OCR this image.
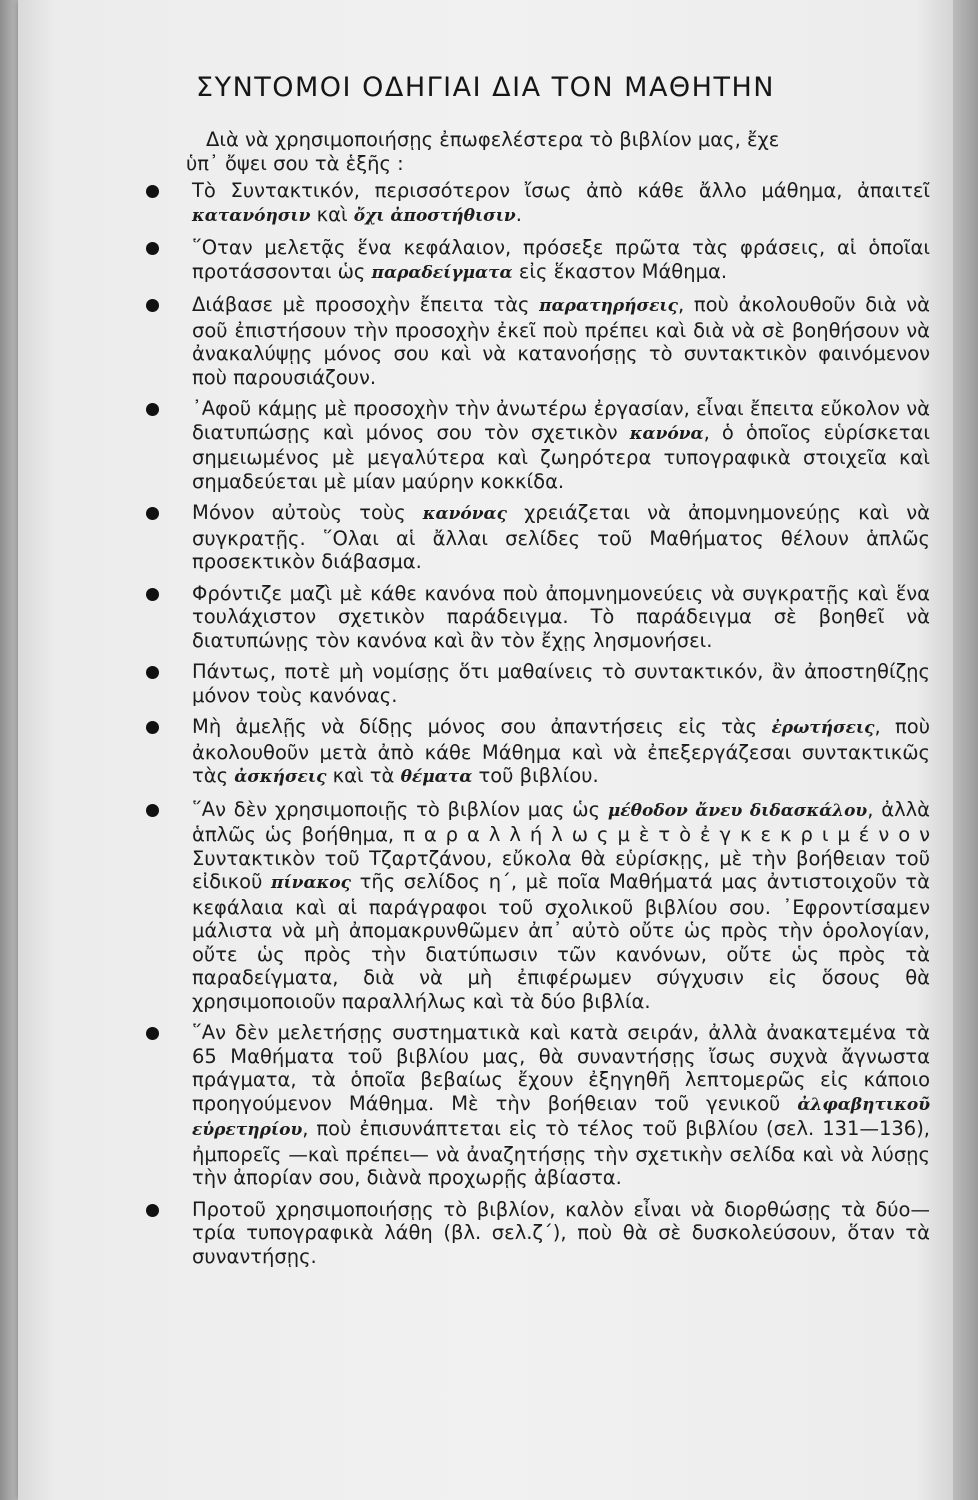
ΣΥΝΤΟΜΟΙ ΟΔΗΓΙΑΙ ΔΙΑ ΤΟΝ ΜΑΘΗΤΗΝ

Διὰ νὰ χρησιμοποιήσῃς ἐπωφελέστερα τὸ βιβλίον μας, ἔχε
ὑπ᾽ ὄψει σου τὰ ἑξῆς :

Τὸ Συντακτικόν, περισσότερον ἴσως ἀπὸ κάθε ἄλλο μάθημα, ἀπαιτεῖ κατανόησιν καὶ ὄχι ἀποστήθισιν.
῞Οταν μελετᾷς ἕνα κεφάλαιον, πρόσεξε πρῶτα τὰς φράσεις, αἱ ὁποῖαι προτάσσονται ὡς παραδείγματα εἰς ἕκαστον Μάθημα.
Διάβασε μὲ προσοχὴν ἔπειτα τὰς παρατηρήσεις, ποὺ ἀκολουθοῦν διὰ νὰ σοῦ ἐπιστήσουν τὴν προσοχὴν ἐκεῖ ποὺ πρέπει καὶ διὰ νὰ σὲ βοηθήσουν νὰ ἀνακαλύψῃς μόνος σου καὶ νὰ κατανοήσῃς τὸ συντακτικὸν φαινόμενον ποὺ παρουσιάζουν.
᾿Αφοῦ κάμῃς μὲ προσοχὴν τὴν ἀνωτέρω ἐργασίαν, εἶναι ἔπειτα εὔκολον νὰ διατυπώσῃς καὶ μόνος σου τὸν σχετικὸν κανόνα, ὁ ὁποῖος εὑρίσκεται σημειωμένος μὲ μεγαλύτερα καὶ ζωηρότερα τυπογραφικὰ στοιχεῖα καὶ σημαδεύεται μὲ μίαν μαύρην κοκκίδα.
Μόνον αὐτοὺς τοὺς κανόνας χρειάζεται νὰ ἀπομνημονεύῃς καὶ νὰ συγκρατῇς. ῞Ολαι αἱ ἄλλαι σελίδες τοῦ Μαθήματος θέλουν ἁπλῶς προσεκτικὸν διάβασμα.
Φρόντιζε μαζὶ μὲ κάθε κανόνα ποὺ ἀπομνημονεύεις νὰ συγκρατῇς καὶ ἕνα τουλάχιστον σχετικὸν παράδειγμα. Τὸ παράδειγμα σὲ βοηθεῖ νὰ διατυπώνῃς τὸν κανόνα καὶ ἂν τὸν ἔχῃς λησμονήσει.
Πάντως, ποτὲ μὴ νομίσῃς ὅτι μαθαίνεις τὸ συντακτικόν, ἂν ἀποστηθίζῃς μόνον τοὺς κανόνας.
Μὴ ἀμελῇς νὰ δίδῃς μόνος σου ἀπαντήσεις εἰς τὰς ἐρωτήσεις, ποὺ ἀκολουθοῦν μετὰ ἀπὸ κάθε Μάθημα καὶ νὰ ἐπεξεργάζεσαι συντακτικῶς τὰς ἀσκήσεις καὶ τὰ θέματα τοῦ βιβλίου.
῞Αν δὲν χρησιμοποιῇς τὸ βιβλίον μας ὡς μέθοδον ἄνευ διδασκάλου, ἀλλὰ ἁπλῶς ὡς βοήθημα, π α ρ α λ λ ή λ ω ς μ ὲ τ ὸ ἐ γ κ ε κ ρ ι μ έ ν ο ν Συντακτικὸν τοῦ Τζαρτζάνου, εὔκολα θὰ εὑρίσκῃς, μὲ τὴν βοήθειαν τοῦ εἰδικοῦ πίνακος τῆς σελίδος η΄, μὲ ποῖα Μαθήματά μας ἀντιστοιχοῦν τὰ κεφάλαια καὶ αἱ παράγραφοι τοῦ σχολικοῦ βιβλίου σου. ᾿Εφροντίσαμεν μάλιστα νὰ μὴ ἀπομακρυνθῶμεν ἀπ᾽ αὐτὸ οὔτε ὡς πρὸς τὴν ὁρολογίαν, οὔτε ὡς πρὸς τὴν διατύπωσιν τῶν κανόνων, οὔτε ὡς πρὸς τὰ παραδείγματα, διὰ νὰ μὴ ἐπιφέρωμεν σύγχυσιν εἰς ὅσους θὰ χρησιμοποιοῦν παραλλήλως καὶ τὰ δύο βιβλία.
῞Αν δὲν μελετήσῃς συστηματικὰ καὶ κατὰ σειράν, ἀλλὰ ἀνακατεμένα τὰ 65 Μαθήματα τοῦ βιβλίου μας, θὰ συναντήσῃς ἴσως συχνὰ ἄγνωστα πράγματα, τὰ ὁποῖα βεβαίως ἔχουν ἐξηγηθῆ λεπτομερῶς εἰς κάποιο προηγούμενον Μάθημα. Μὲ τὴν βοήθειαν τοῦ γενικοῦ ἀλφαβητικοῦ εὑρετηρίου, ποὺ ἐπισυνάπτεται εἰς τὸ τέλος τοῦ βιβλίου (σελ. 131—136), ἠμπορεῖς —καὶ πρέπει— νὰ ἀναζητήσῃς τὴν σχετικὴν σελίδα καὶ νὰ λύσῃς τὴν ἀπορίαν σου, διὰνὰ προχωρῇς ἀβίαστα.
Προτοῦ χρησιμοποιήσῃς τὸ βιβλίον, καλὸν εἶναι νὰ διορθώσῃς τὰ δύο—τρία τυπογραφικὰ λάθη (βλ. σελ.ζ΄), ποὺ θὰ σὲ δυσκολεύσουν, ὅταν τὰ συναντήσῃς.
